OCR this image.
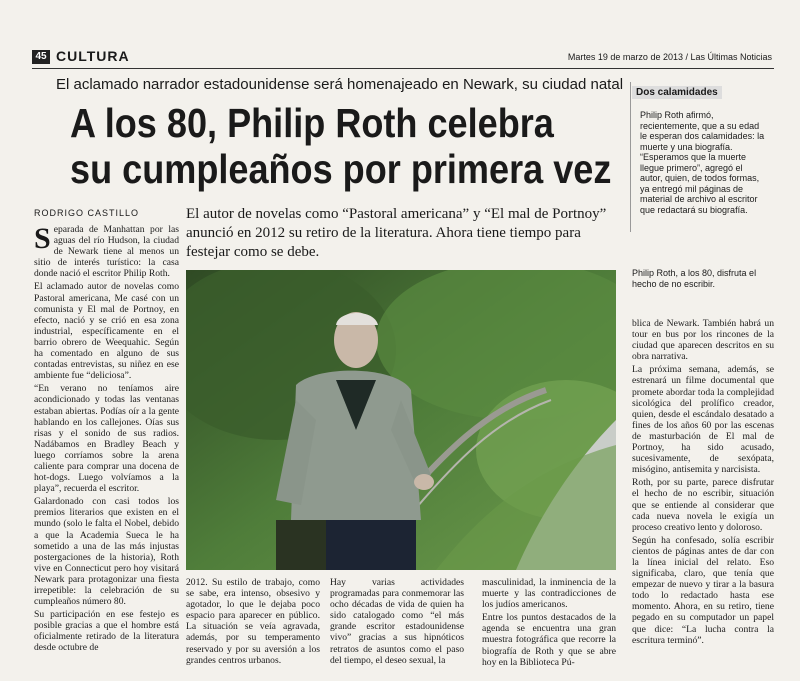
45 CULTURA	Martes 19 de marzo de 2013 / Las Últimas Noticias
El aclamado narrador estadounidense será homenajeado en Newark, su ciudad natal
A los 80, Philip Roth celebra
su cumpleaños por primera vez
Dos calamidades
Philip Roth afirmó, recientemente, que a su edad le esperan dos calamidades: la muerte y una biografía. “Esperamos que la muerte llegue primero”, agregó el autor, quien, de todos formas, ya entregó mil páginas de material de archivo al escritor que redactará su biografía.
RODRIGO CASTILLO	El autor de novelas como “Pastoral americana” y “El mal de Portnoy” anunció en 2012 su retiro de la literatura. Ahora tiene tiempo para festejar como se debe.

Separada de Manhattan por las aguas del río Hudson, la ciudad de Newark tiene al menos un sitio de interés turístico: la casa donde nació el escritor Philip Roth.

El aclamado autor de novelas como Pastoral americana, Me casé con un comunista y El mal de Portnoy, en efecto, nació y se crió en esa zona industrial, específicamente en el barrio obrero de Weequahic. Según ha comentado en alguno de sus contadas entrevistas, su niñez en ese ambiente fue “deliciosa”.

“En verano no teníamos aire acondicionado y todas las ventanas estaban abiertas. Podías oír a la gente hablando en los callejones. Oías sus risas y el sonido de sus radios. Nadábamos en Bradley Beach y luego corríamos sobre la arena caliente para comprar una docena de hot-dogs. Luego volvíamos a la playa”, recuerda el escritor.

Galardonado con casi todos los premios literarios que existen en el mundo (solo le falta el Nobel, debido a que la Academia Sueca le ha sometido a una de las más injustas postergaciones de la historia), Roth vive en Connecticut pero hoy visitará Newark para protagonizar una fiesta irrepetible: la celebración de su cumpleaños número 80.

Su participación en ese festejo es posible gracias a que el hombre está oficialmente retirado de la literatura desde octubre de

Philip Roth, a los 80, disfruta el hecho de no escribir.
2012. Su estilo de trabajo, como se sabe, era intenso, obsesivo y agotador, lo que le dejaba poco espacio para aparecer en público. La situación se veía agravada, además, por su temperamento reservado y por su aversión a los grandes centros urbanos.
Hay varias actividades programadas para conmemorar las ocho décadas de vida de quien ha sido catalogado como “el más grande escritor estadounidense vivo” gracias a sus hipnóticos retratos de asuntos como el paso del tiempo, el deseo sexual, la

masculinidad, la inminencia de la muerte y las contradicciones de los judíos americanos.

Entre los puntos destacados de la agenda se encuentra una gran muestra fotográfica que recorre la biografía de Roth y que se abre hoy en la Biblioteca Pú-

blica de Newark. También habrá un tour en bus por los rincones de la ciudad que aparecen descritos en su obra narrativa.

La próxima semana, además, se estrenará un filme documental que promete abordar toda la complejidad sicológica del prolífico creador, quien, desde el escándalo desatado a fines de los años 60 por las escenas de masturbación de El mal de Portnoy, ha sido acusado, sucesivamente, de sexópata, misógino, antisemita y narcisista.

Roth, por su parte, parece disfrutar el hecho de no escribir, situación que se entiende al considerar que cada nueva novela le exigía un proceso creativo lento y doloroso.

Según ha confesado, solía escribir cientos de páginas antes de dar con la línea inicial del relato. Eso significaba, claro, que tenía que empezar de nuevo y tirar a la basura todo lo redactado hasta ese momento. Ahora, en su retiro, tiene pegado en su computador un papel que dice: “La lucha contra la escritura terminó”.
